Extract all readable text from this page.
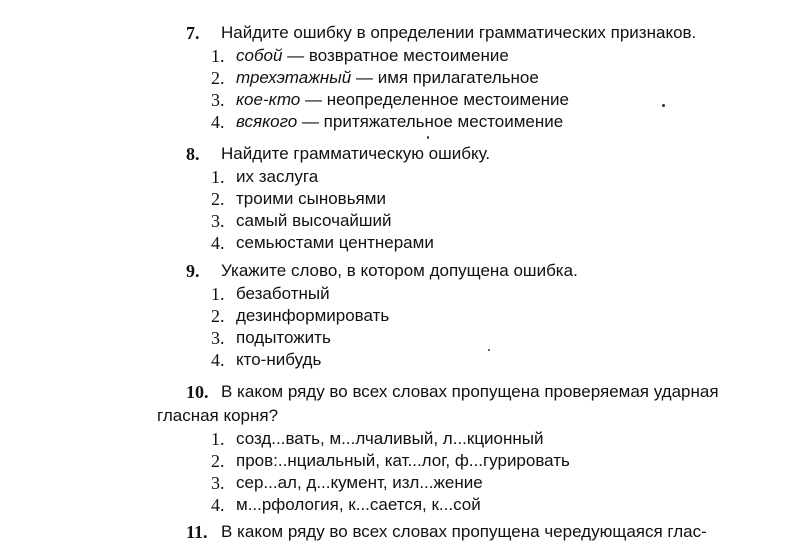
7. Найдите ошибку в определении грамматических признаков.
1. собой — возвратное местоимение
2. трехэтажный — имя прилагательное
3. кое-кто — неопределенное местоимение
4. всякого — притяжательное местоимение
8. Найдите грамматическую ошибку.
1. их заслуга
2. троими сыновьями
3. самый высочайший
4. семьюстами центнерами
9. Укажите слово, в котором допущена ошибка.
1. безаботный
2. дезинформировать
3. подытожить
4. кто-нибудь
10. В каком ряду во всех словах пропущена проверяемая ударная
гласная корня?
1. созд...вать, м...лчаливый, л...кционный
2. пров:..нциальный, кат...лог, ф...гурировать
3. сер...ал, д...кумент, изл...жение
4. м...рфология, к...сается, к...сой
11. В каком ряду во всех словах пропущена чередующаяся глас-
